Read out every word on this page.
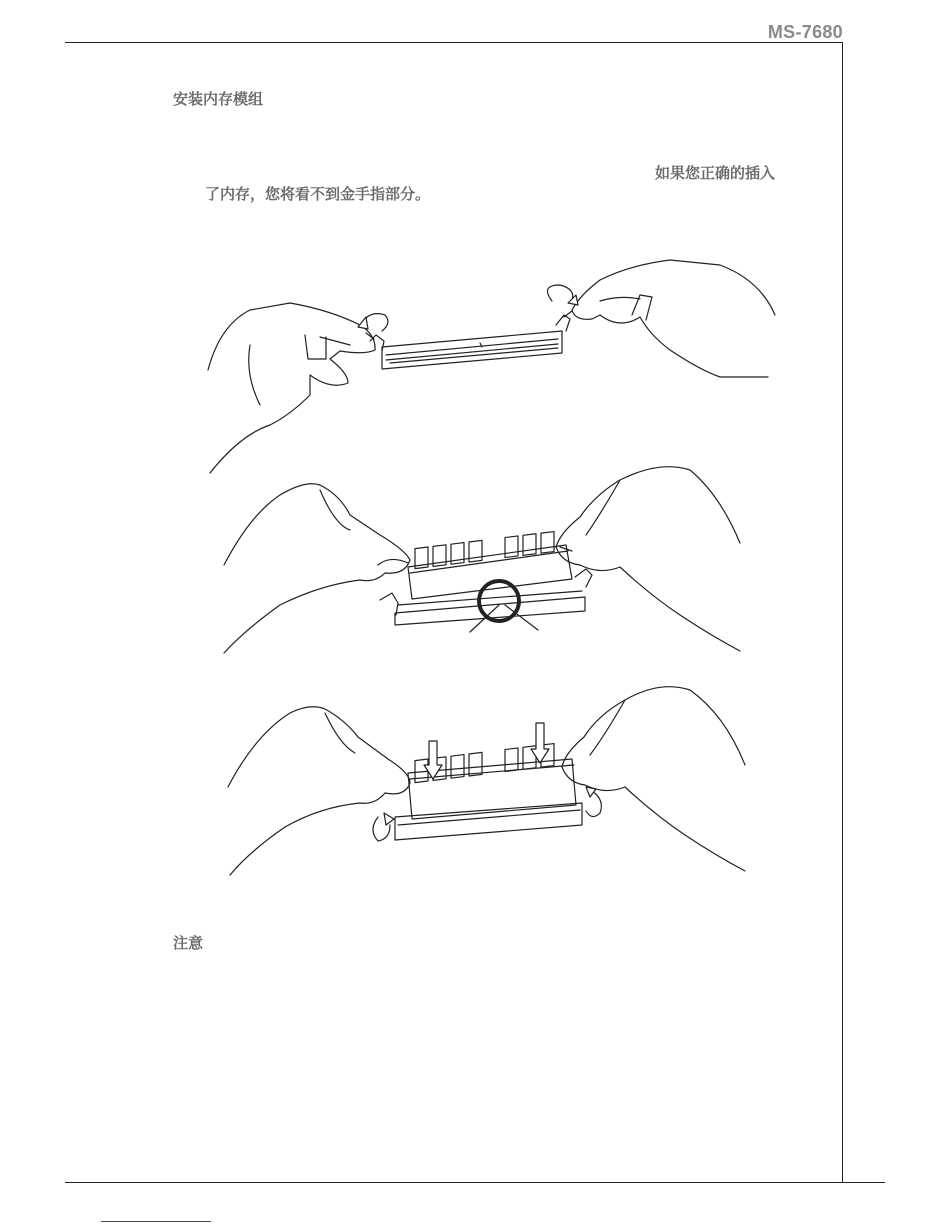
MS-7680
安装内存模组
如果您正确的插入
了内存，您将看不到金手指部分。
注意
